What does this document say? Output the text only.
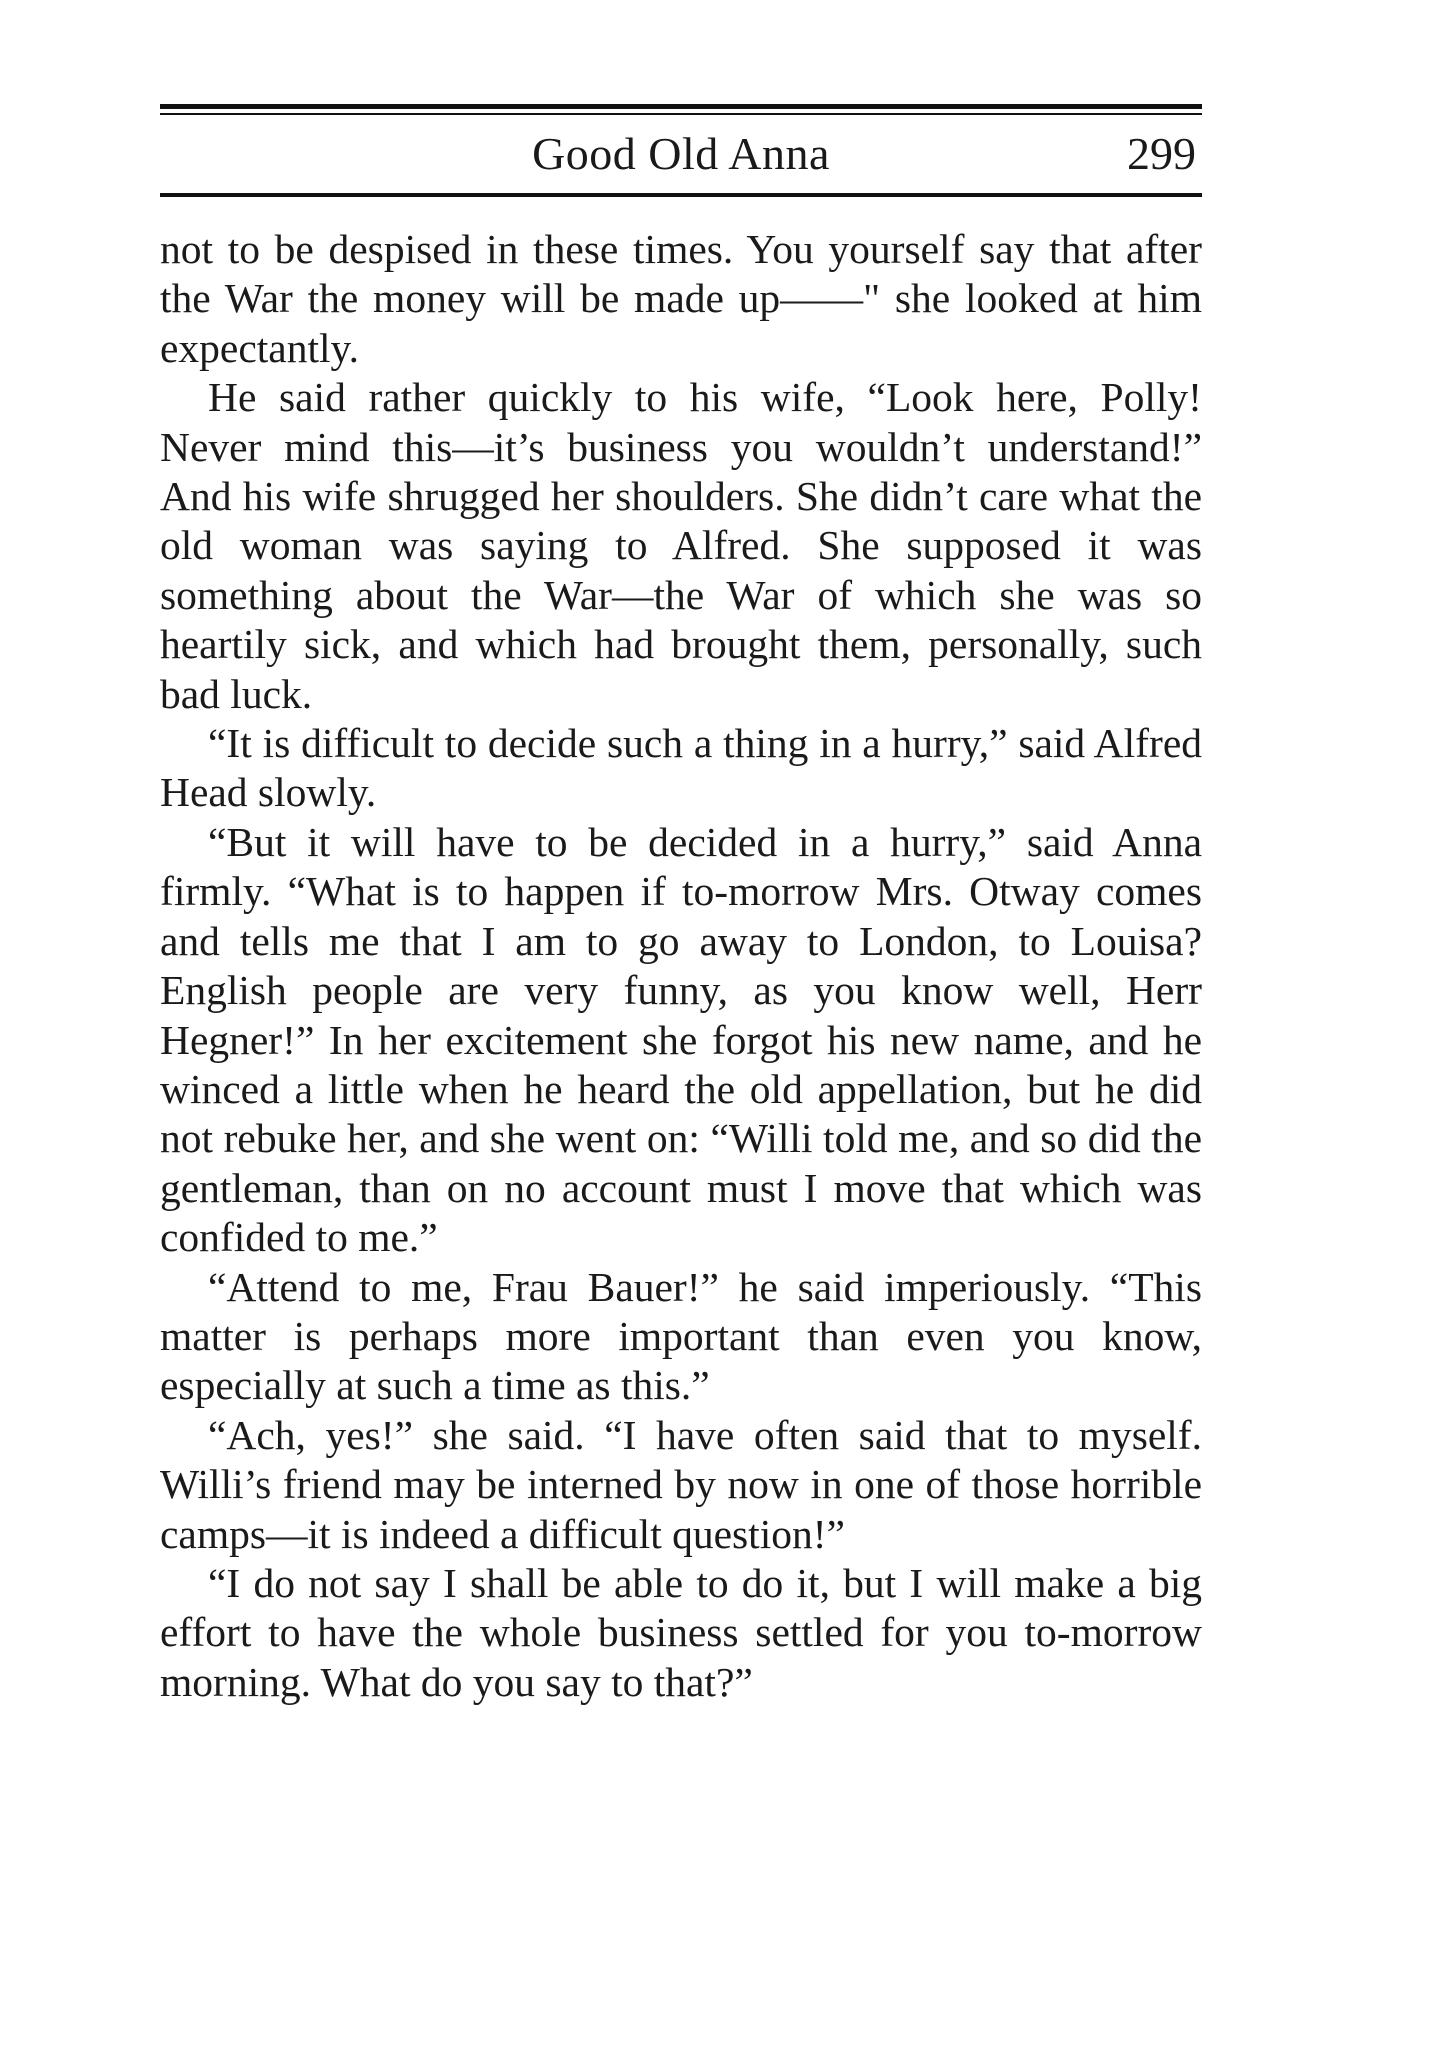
Good Old Anna	299

not to be despised in these times. You yourself say that after the War the money will be made up——" she looked at him expectantly.

He said rather quickly to his wife, “Look here, Polly! Never mind this—it’s business you wouldn’t understand!” And his wife shrugged her shoulders. She didn’t care what the old woman was saying to Alfred. She supposed it was something about the War—the War of which she was so heartily sick, and which had brought them, personally, such bad luck.

“It is difficult to decide such a thing in a hurry,” said Alfred Head slowly.

“But it will have to be decided in a hurry,” said Anna firmly. “What is to happen if to-morrow Mrs. Otway comes and tells me that I am to go away to London, to Louisa? English people are very funny, as you know well, Herr Hegner!” In her excitement she forgot his new name, and he winced a little when he heard the old appellation, but he did not rebuke her, and she went on: “Willi told me, and so did the gentleman, than on no account must I move that which was confided to me.”

“Attend to me, Frau Bauer!” he said imperiously. “This matter is perhaps more important than even you know, especially at such a time as this.”

“Ach, yes!” she said. “I have often said that to myself. Willi’s friend may be interned by now in one of those horrible camps—it is indeed a difficult question!”

“I do not say I shall be able to do it, but I will make a big effort to have the whole business settled for you to-morrow morning. What do you say to that?”
